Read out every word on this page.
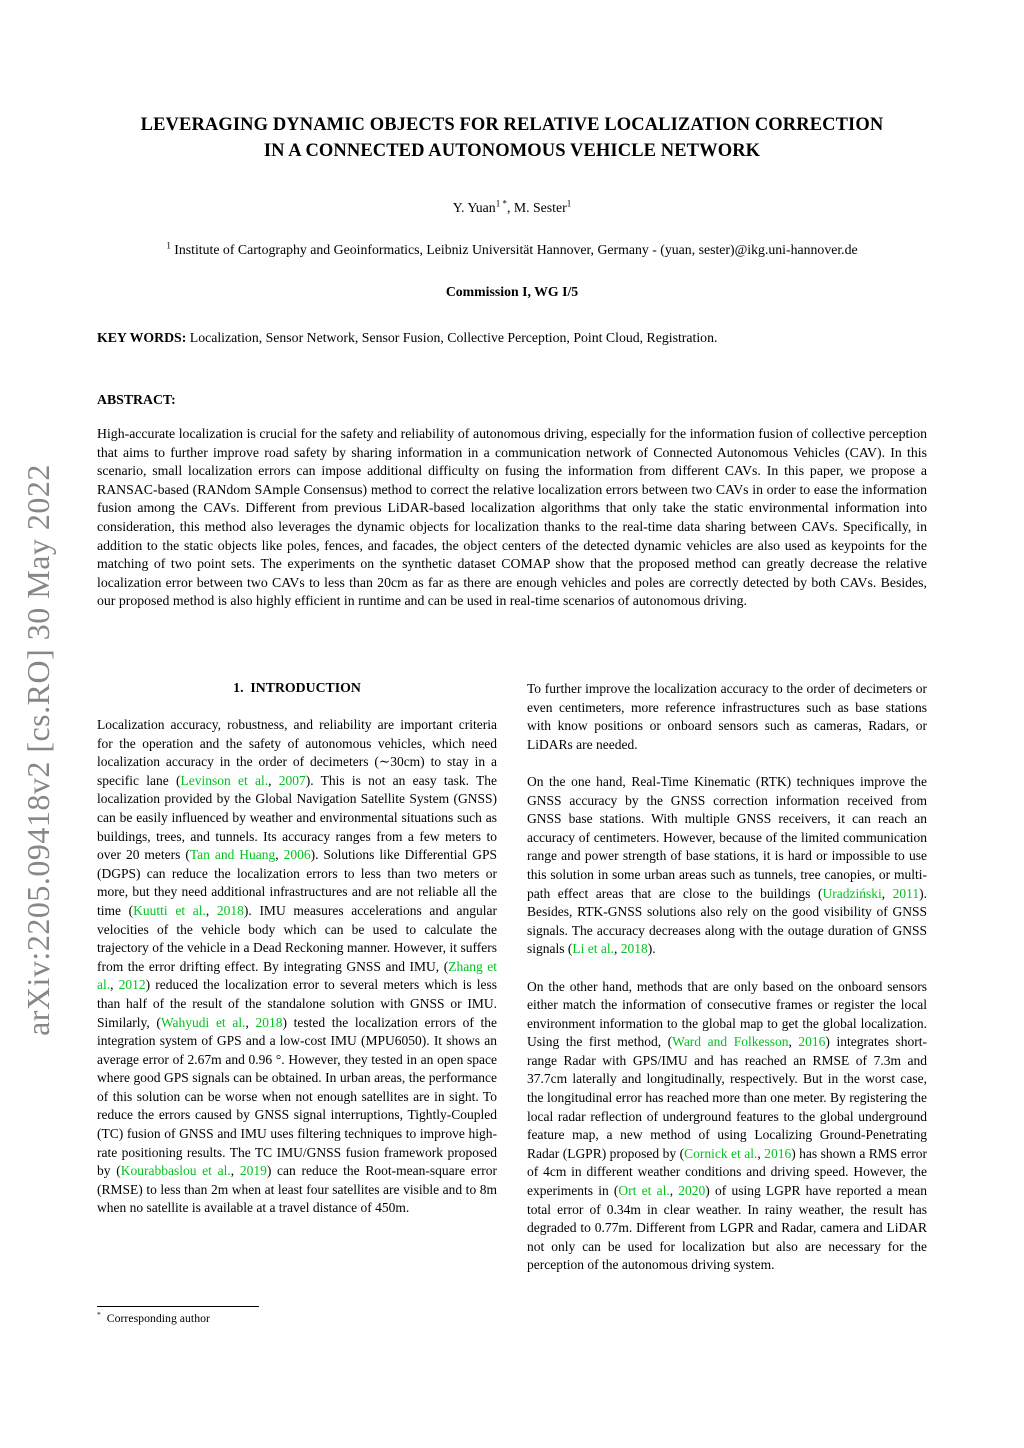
arXiv:2205.09418v2 [cs.RO] 30 May 2022
LEVERAGING DYNAMIC OBJECTS FOR RELATIVE LOCALIZATION CORRECTION
IN A CONNECTED AUTONOMOUS VEHICLE NETWORK
Y. Yuan$^{1 *}$, M. Sester$^1$
$^1$ Institute of Cartography and Geoinformatics, Leibniz Universität Hannover, Germany - (yuan, sester)@ikg.uni-hannover.de
Commission I, WG I/5
KEY WORDS: Localization, Sensor Network, Sensor Fusion, Collective Perception, Point Cloud, Registration.
ABSTRACT:
High-accurate localization is crucial for the safety and reliability of autonomous driving, especially for the information fusion of collective perception that aims to further improve road safety by sharing information in a communication network of Connected Autonomous Vehicles (CAV). In this scenario, small localization errors can impose additional difficulty on fusing the information from different CAVs. In this paper, we propose a RANSAC-based (RANdom SAmple Consensus) method to correct the relative localization errors between two CAVs in order to ease the information fusion among the CAVs. Different from previous LiDAR-based localization algorithms that only take the static environmental information into consideration, this method also leverages the dynamic objects for localization thanks to the real-time data sharing between CAVs. Specifically, in addition to the static objects like poles, fences, and facades, the object centers of the detected dynamic vehicles are also used as keypoints for the matching of two point sets. The experiments on the synthetic dataset COMAP show that the proposed method can greatly decrease the relative localization error between two CAVs to less than 20cm as far as there are enough vehicles and poles are correctly detected by both CAVs. Besides, our proposed method is also highly efficient in runtime and can be used in real-time scenarios of autonomous driving.
1.  INTRODUCTION

Localization accuracy, robustness, and reliability are important criteria for the operation and the safety of autonomous vehicles, which need localization accuracy in the order of decimeters (∼30cm) to stay in a specific lane (Levinson et al., 2007). This is not an easy task. The localization provided by the Global Navigation Satellite System (GNSS) can be easily influenced by weather and environmental situations such as buildings, trees, and tunnels. Its accuracy ranges from a few meters to over 20 meters (Tan and Huang, 2006). Solutions like Differential GPS (DGPS) can reduce the localization errors to less than two meters or more, but they need additional infrastructures and are not reliable all the time (Kuutti et al., 2018). IMU measures accelerations and angular velocities of the vehicle body which can be used to calculate the trajectory of the vehicle in a Dead Reckoning manner. However, it suffers from the error drifting effect. By integrating GNSS and IMU, (Zhang et al., 2012) reduced the localization error to several meters which is less than half of the result of the standalone solution with GNSS or IMU. Similarly, (Wahyudi et al., 2018) tested the localization errors of the integration system of GPS and a low-cost IMU (MPU6050). It shows an average error of 2.67m and 0.96 °. However, they tested in an open space where good GPS signals can be obtained. In urban areas, the performance of this solution can be worse when not enough satellites are in sight. To reduce the errors caused by GNSS signal interruptions, Tightly-Coupled (TC) fusion of GNSS and IMU uses filtering techniques to improve high-rate positioning results. The TC IMU/GNSS fusion framework proposed by (Kourabbaslou et al., 2019) can reduce the Root-mean-square error (RMSE) to less than 2m when at least four satellites are visible and to 8m when no satellite is available at a travel distance of 450m.

To further improve the localization accuracy to the order of decimeters or even centimeters, more reference infrastructures such as base stations with know positions or onboard sensors such as cameras, Radars, or LiDARs are needed.

On the one hand, Real-Time Kinematic (RTK) techniques improve the GNSS accuracy by the GNSS correction information received from GNSS base stations. With multiple GNSS receivers, it can reach an accuracy of centimeters. However, because of the limited communication range and power strength of base stations, it is hard or impossible to use this solution in some urban areas such as tunnels, tree canopies, or multi-path effect areas that are close to the buildings (Uradziński, 2011). Besides, RTK-GNSS solutions also rely on the good visibility of GNSS signals. The accuracy decreases along with the outage duration of GNSS signals (Li et al., 2018).

On the other hand, methods that are only based on the onboard sensors either match the information of consecutive frames or register the local environment information to the global map to get the global localization. Using the first method, (Ward and Folkesson, 2016) integrates short-range Radar with GPS/IMU and has reached an RMSE of 7.3m and 37.7cm laterally and longitudinally, respectively. But in the worst case, the longitudinal error has reached more than one meter. By registering the local radar reflection of underground features to the global underground feature map, a new method of using Localizing Ground-Penetrating Radar (LGPR) proposed by (Cornick et al., 2016) has shown a RMS error of 4cm in different weather conditions and driving speed. However, the experiments in (Ort et al., 2020) of using LGPR have reported a mean total error of 0.34m in clear weather. In rainy weather, the result has degraded to 0.77m. Different from LGPR and Radar, camera and LiDAR not only can be used for localization but also are necessary for the perception of the autonomous driving system.

*  Corresponding author
